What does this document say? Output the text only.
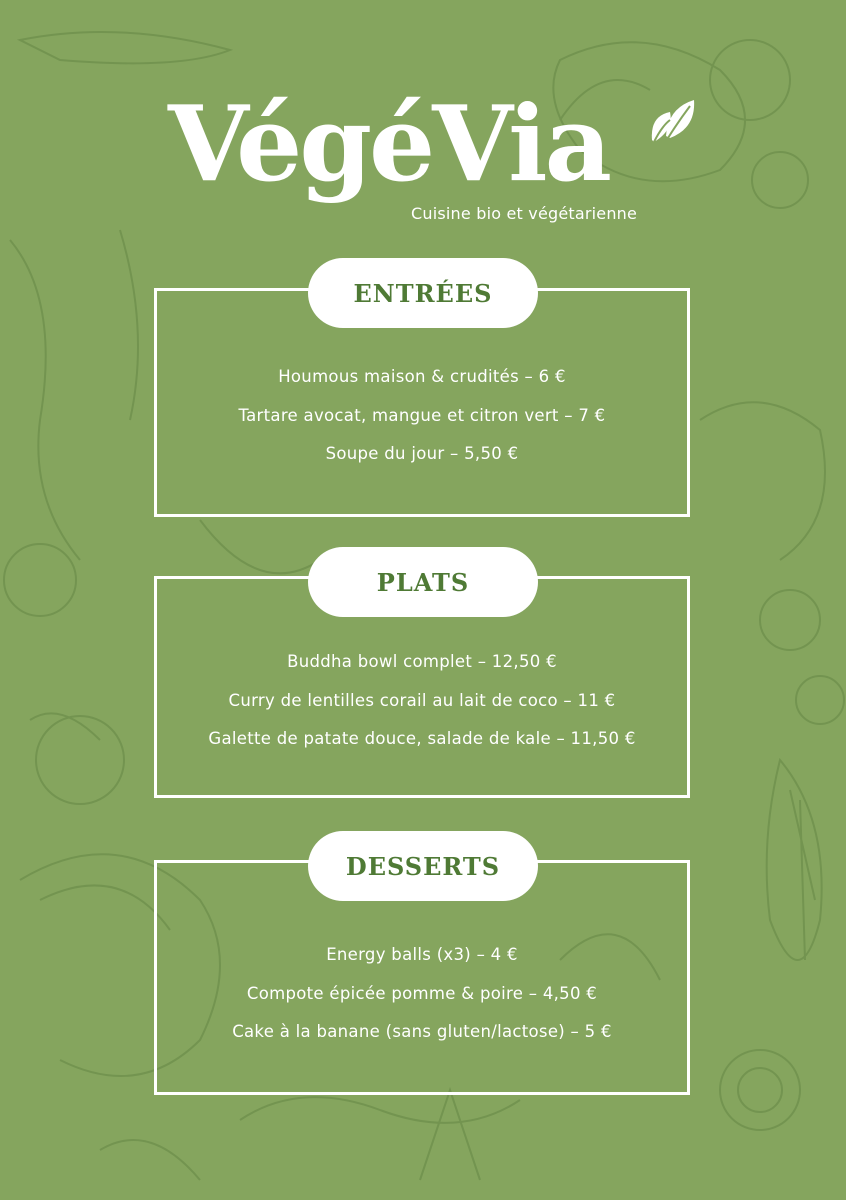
VégéVia
Cuisine bio et végétarienne
ENTRÉES
Houmous maison & crudités – 6 €
Tartare avocat, mangue et citron vert – 7 €
Soupe du jour – 5,50 €
PLATS
Buddha bowl complet – 12,50 €
Curry de lentilles corail au lait de coco – 11 €
Galette de patate douce, salade de kale – 11,50 €
DESSERTS
Energy balls (x3) – 4 €
Compote épicée pomme & poire – 4,50 €
Cake à la banane (sans gluten/lactose) – 5 €
